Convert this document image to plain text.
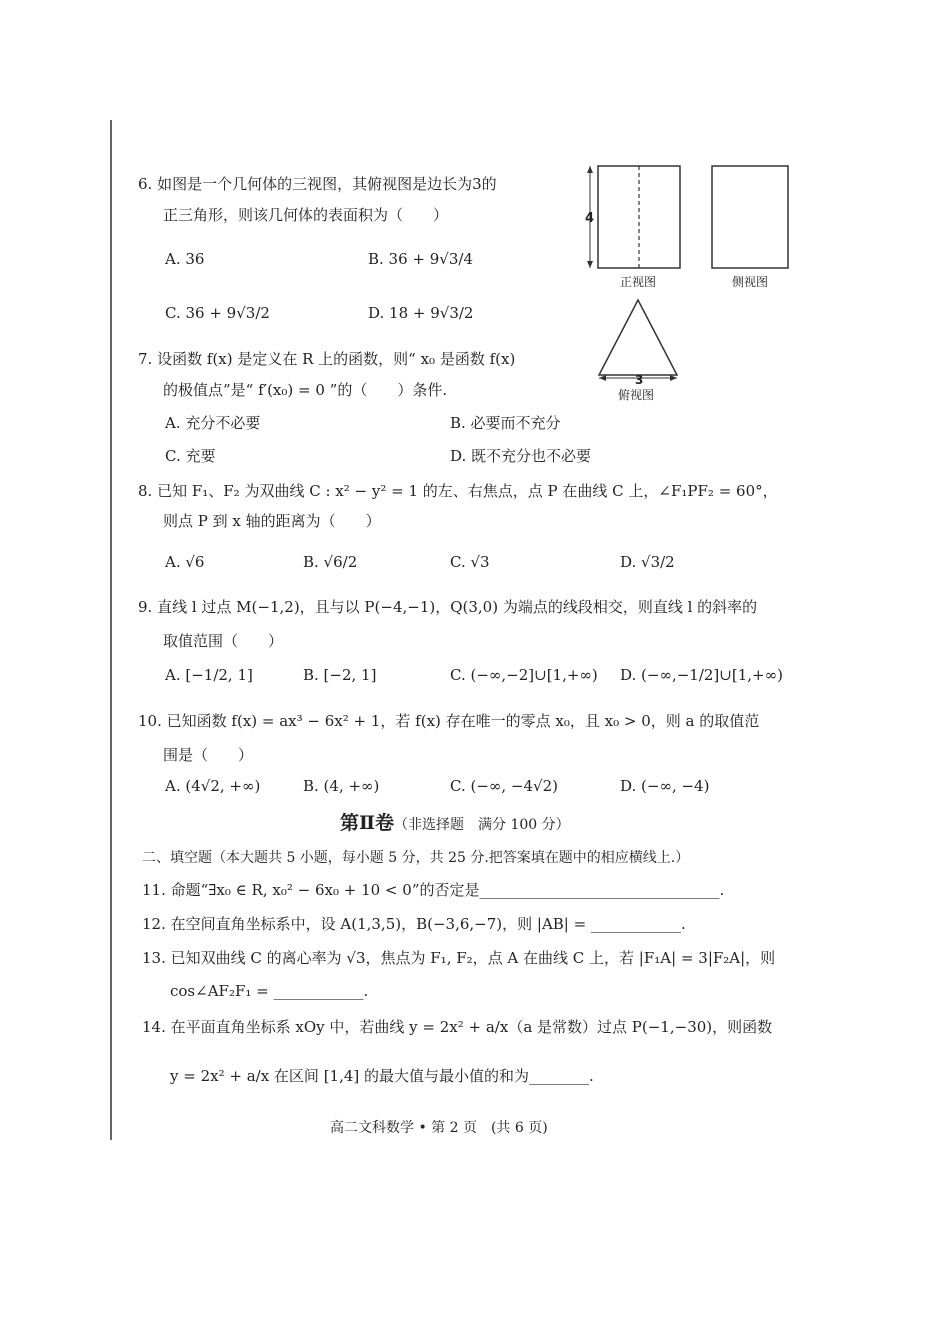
6. 如图是一个几何体的三视图，其俯视图是边长为3的
正三角形，则该几何体的表面积为（　　）
A. 36	B. 36 + 9√3/4
C. 36 + 9√3/2	D. 18 + 9√3/2
4
正视图	侧视图
3
俯视图
7. 设函数 f(x) 是定义在 R 上的函数，则“ x₀ 是函数 f(x)
的极值点”是“ f′(x₀) = 0 ”的（　　）条件.
A. 充分不必要	B. 必要而不充分
C. 充要	D. 既不充分也不必要
8. 已知 F₁、F₂ 为双曲线 C : x² − y² = 1 的左、右焦点，点 P 在曲线 C 上，∠F₁PF₂ = 60°，
则点 P 到 x 轴的距离为（　　）
A. √6	B. √6/2	C. √3	D. √3/2
9. 直线 l 过点 M(−1,2)，且与以 P(−4,−1)，Q(3,0) 为端点的线段相交，则直线 l 的斜率的
取值范围（　　）
A. [−1/2, 1]	B. [−2, 1]	C. (−∞,−2]∪[1,+∞) D. (−∞,−1/2]∪[1,+∞)
10. 已知函数 f(x) = ax³ − 6x² + 1，若 f(x) 存在唯一的零点 x₀，且 x₀ > 0，则 a 的取值范
围是（　　）
A. (4√2, +∞)	B. (4, +∞)	C. (−∞, −4√2)	D. (−∞, −4)
第Ⅱ卷（非选择题　满分 100 分）
二、填空题（本大题共 5 小题，每小题 5 分，共 25 分.把答案填在题中的相应横线上.）
11. 命题“∃x₀ ∈ R, x₀² − 6x₀ + 10 < 0”的否定是________________________________.
12. 在空间直角坐标系中，设 A(1,3,5)，B(−3,6,−7)，则 |AB| = ____________.
13. 已知双曲线 C 的离心率为 √3，焦点为 F₁, F₂，点 A 在曲线 C 上，若 |F₁A| = 3|F₂A|，则
cos∠AF₂F₁ = ____________.
14. 在平面直角坐标系 xOy 中，若曲线 y = 2x² + a/x（a 是常数）过点 P(−1,−30)，则函数
y = 2x² + a/x 在区间 [1,4] 的最大值与最小值的和为________.
高二文科数学 • 第 2 页　(共 6 页)
